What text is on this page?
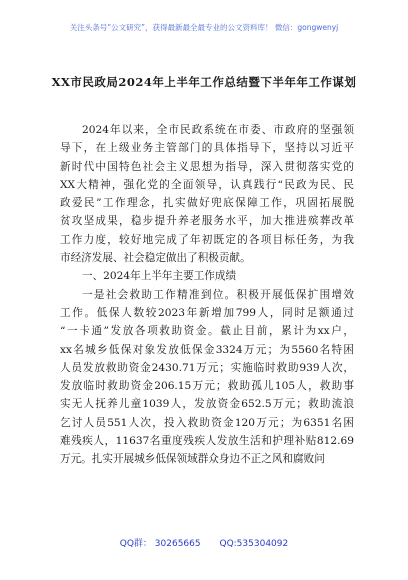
关注头条号“公文研究”，获得最新最全最专业的公文资料库！ 微信：gongwenyj
XX市民政局2024年上半年工作总结暨下半年年工作谋划
2024年以来，全市民政系统在市委、市政府的坚强领
导下，在上级业务主管部门的具体指导下，坚持以习近平
新时代中国特色社会主义思想为指导，深入贯彻落实党的
XX大精神，强化党的全面领导，认真践行“民政为民、民
政爱民”工作理念，扎实做好兜底保障工作，巩固拓展脱
贫攻坚成果，稳步提升养老服务水平，加大推进殡葬改革
工作力度，较好地完成了年初既定的各项目标任务，为我
市经济发展、社会稳定做出了积极贡献。
一、2024年上半年主要工作成绩
一是社会救助工作精准到位。积极开展低保扩围增效
工作。低保人数较2023年新增加799人，同时足额通过
“一卡通”发放各项救助资金。截止目前，累计为xx户，
xx名城乡低保对象发放低保金3324万元；为5560名特困
人员发放救助资金2430.71万元；实施临时救助939人次，
发放临时救助资金206.15万元；救助孤儿105人，救助事
实无人抚养儿童1039人，发放资金652.5万元；救助流浪
乞讨人员551人次，投入救助资金120万元；为6351名困
难残疾人，11637名重度残疾人发放生活和护理补贴812.69
万元。扎实开展城乡低保领域群众身边不正之风和腐败问
QQ群： 30265665 QQ:535304092
